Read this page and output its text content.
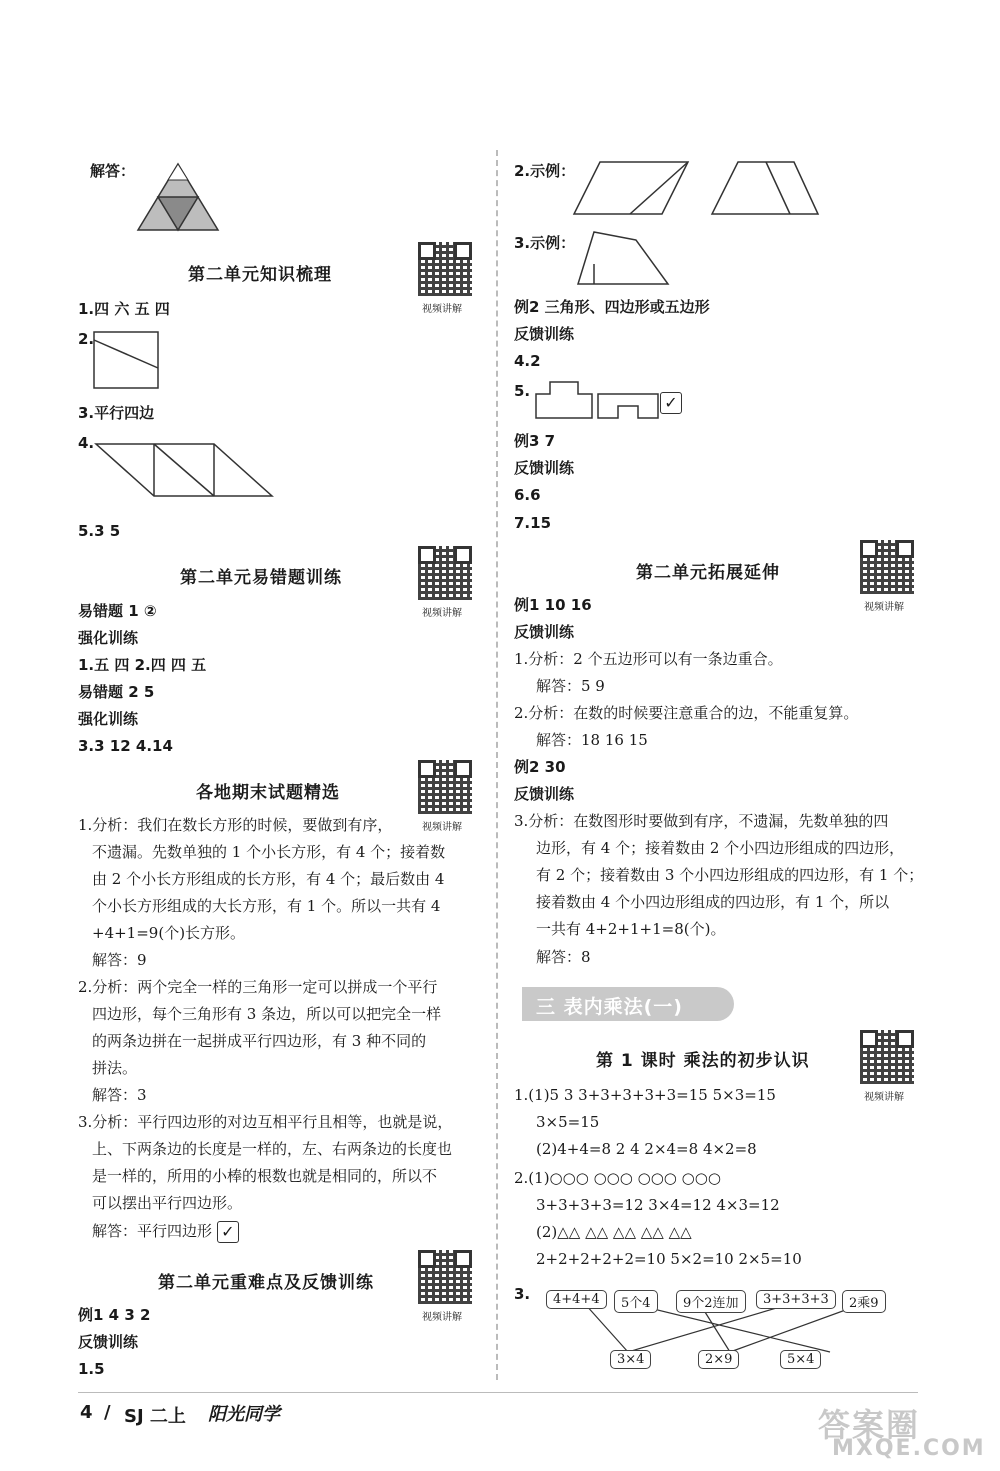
解答：
第二单元知识梳理
视频讲解
1.四 六 五 四
2.
3.平行四边
4.
5.3 5
第二单元易错题训练
视频讲解
易错题 1 ②
强化训练
1.五 四 2.四 四 五
易错题 2 5
强化训练
3.3 12 4.14
各地期末试题精选
视频讲解
1.分析：我们在数长方形的时候，要做到有序，
不遗漏。先数单独的 1 个小长方形，有 4 个；接着数
由 2 个小长方形组成的长方形，有 4 个；最后数由 4
个小长方形组成的大长方形，有 1 个。所以一共有 4
+4+1=9(个)长方形。
解答：9
2.分析：两个完全一样的三角形一定可以拼成一个平行
四边形，每个三角形有 3 条边，所以可以把完全一样
的两条边拼在一起拼成平行四边形，有 3 种不同的
拼法。
解答：3
3.分析：平行四边形的对边互相平行且相等，也就是说，
上、下两条边的长度是一样的，左、右两条边的长度也
是一样的，所用的小棒的根数也就是相同的，所以不
可以摆出平行四边形。
解答：平行四边形 ✓
第二单元重难点及反馈训练
视频讲解
例1 4 3 2
反馈训练
1.5
2.示例：
3.示例：
例2 三角形、四边形或五边形
反馈训练
4.2
5.
✓
例3 7
反馈训练
6.6
7.15
第二单元拓展延伸
视频讲解
例1 10 16
反馈训练
1.分析：2 个五边形可以有一条边重合。
解答：5 9
2.分析：在数的时候要注意重合的边，不能重复算。
解答：18 16 15
例2 30
反馈训练
3.分析：在数图形时要做到有序，不遗漏，先数单独的四
边形，有 4 个；接着数由 2 个小四边形组成的四边形，
有 2 个；接着数由 3 个小四边形组成的四边形，有 1 个；
接着数由 4 个小四边形组成的四边形，有 1 个，所以
一共有 4+2+1+1=8(个)。
解答：8
三 表内乘法(一)
第 1 课时 乘法的初步认识
视频讲解
1.(1)5 3 3+3+3+3+3=15 5×3=15
3×5=15
(2)4+4=8 2 4 2×4=8 4×2=8
2.(1)○○○ ○○○ ○○○ ○○○
3+3+3+3=12 3×4=12 4×3=12
(2)△△ △△ △△ △△ △△
2+2+2+2+2=10 5×2=10 2×5=10
3.	4+4+4	5个4	9个2连加	3+3+3+3	2乘9
3×4	2×9	5×4
4 / SJ 二上 阳光同学	答案圈
MXQE.COM
